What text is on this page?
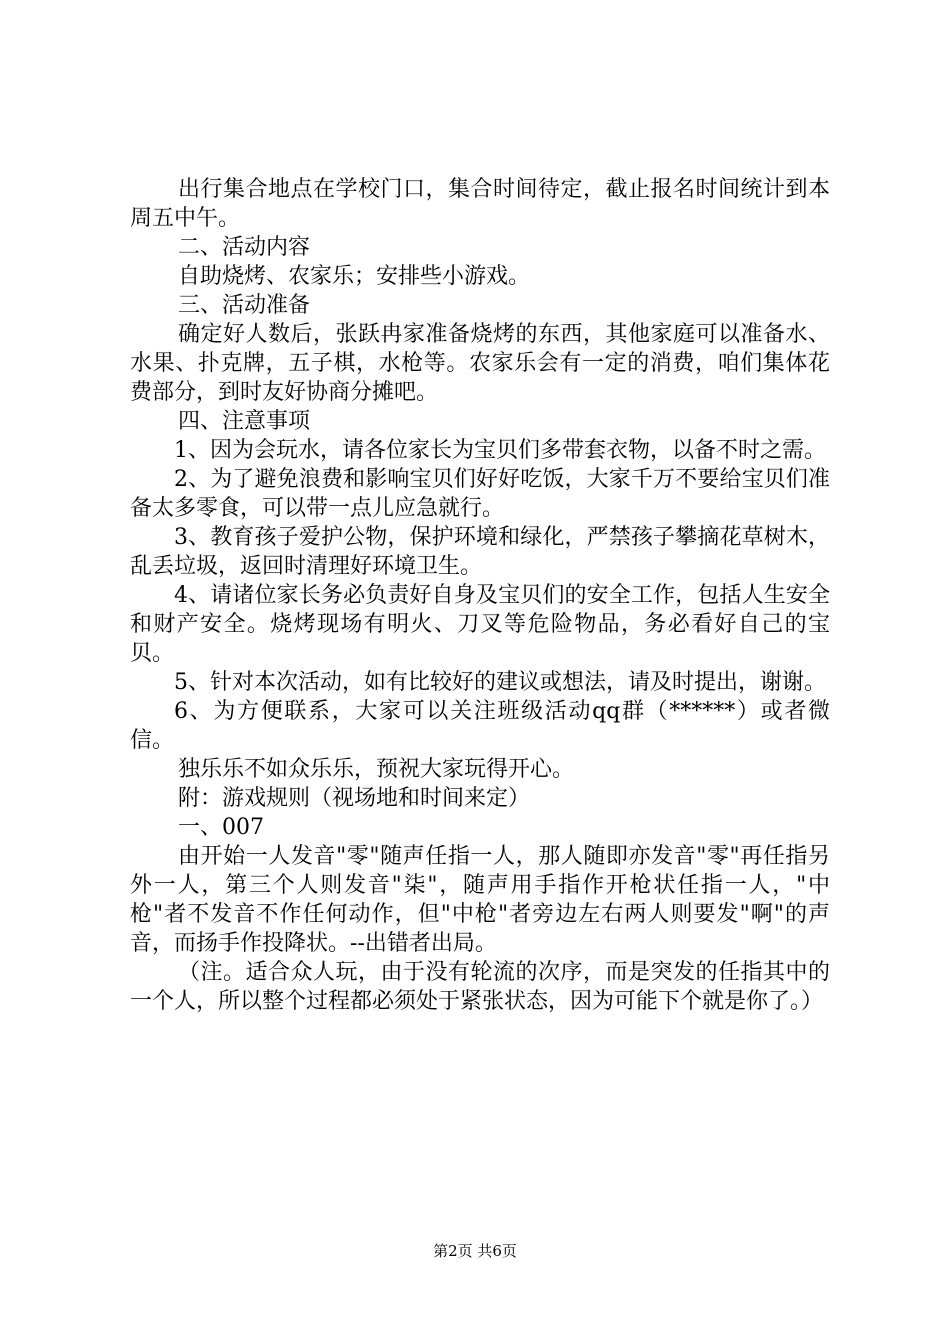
出行集合地点在学校门口，集合时间待定，截止报名时间统计到本周五中午。

二、活动内容

自助烧烤、农家乐；安排些小游戏。

三、活动准备

确定好人数后，张跃冉家准备烧烤的东西，其他家庭可以准备水、水果、扑克牌，五子棋，水枪等。农家乐会有一定的消费，咱们集体花费部分，到时友好协商分摊吧。

四、注意事项

1、因为会玩水，请各位家长为宝贝们多带套衣物，以备不时之需。

2、为了避免浪费和影响宝贝们好好吃饭，大家千万不要给宝贝们准备太多零食，可以带一点儿应急就行。

3、教育孩子爱护公物，保护环境和绿化，严禁孩子攀摘花草树木，乱丢垃圾，返回时清理好环境卫生。

4、请诸位家长务必负责好自身及宝贝们的安全工作，包括人生安全和财产安全。烧烤现场有明火、刀叉等危险物品，务必看好自己的宝贝。

5、针对本次活动，如有比较好的建议或想法，请及时提出，谢谢。

6、为方便联系，大家可以关注班级活动qq群（******）或者微信。

独乐乐不如众乐乐，预祝大家玩得开心。

附：游戏规则（视场地和时间来定）

一、007

由开始一人发音"零"随声任指一人，那人随即亦发音"零"再任指另外一人，第三个人则发音"柒"，随声用手指作开枪状任指一人，"中枪"者不发音不作任何动作，但"中枪"者旁边左右两人则要发"啊"的声音，而扬手作投降状。--出错者出局。

（注。适合众人玩，由于没有轮流的次序，而是突发的任指其中的一个人，所以整个过程都必须处于紧张状态，因为可能下个就是你了。）

第2页 共6页
